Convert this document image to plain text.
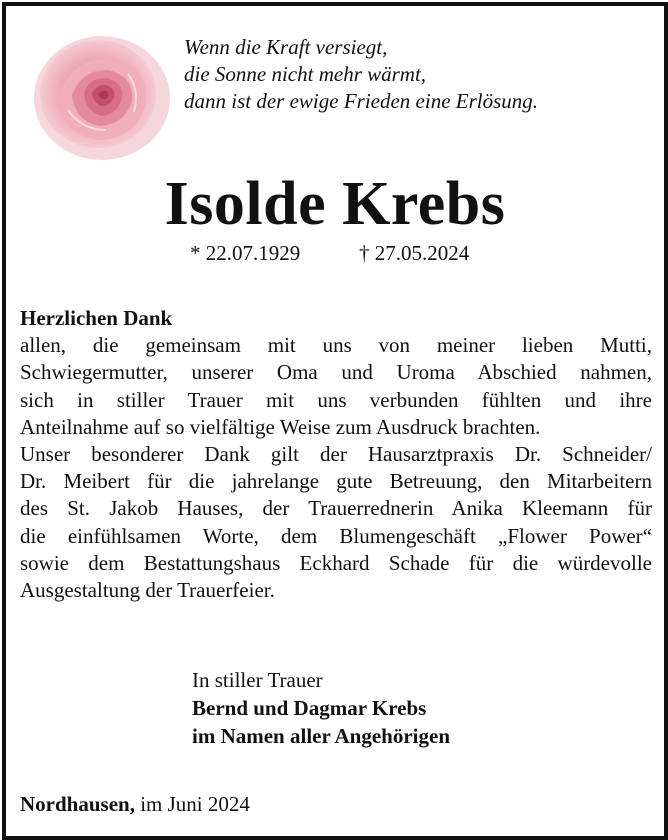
Wenn die Kraft versiegt,
die Sonne nicht mehr wärmt,
dann ist der ewige Frieden eine Erlösung.
Isolde Krebs
* 22.07.1929	† 27.05.2024
Herzlichen Dank
allen, die gemeinsam mit uns von meiner lieben Mutti,
Schwiegermutter, unserer Oma und Uroma Abschied nahmen,
sich in stiller Trauer mit uns verbunden fühlten und ihre
Anteilnahme auf so vielfältige Weise zum Ausdruck brachten.
Unser besonderer Dank gilt der Hausarztpraxis Dr. Schneider/
Dr. Meibert für die jahrelange gute Betreuung, den Mitarbeitern
des St. Jakob Hauses, der Trauerrednerin Anika Kleemann für
die einfühlsamen Worte, dem Blumengeschäft „Flower Power“
sowie dem Bestattungshaus Eckhard Schade für die würdevolle
Ausgestaltung der Trauerfeier.
In stiller Trauer
Bernd und Dagmar Krebs
im Namen aller Angehörigen
Nordhausen, im Juni 2024
